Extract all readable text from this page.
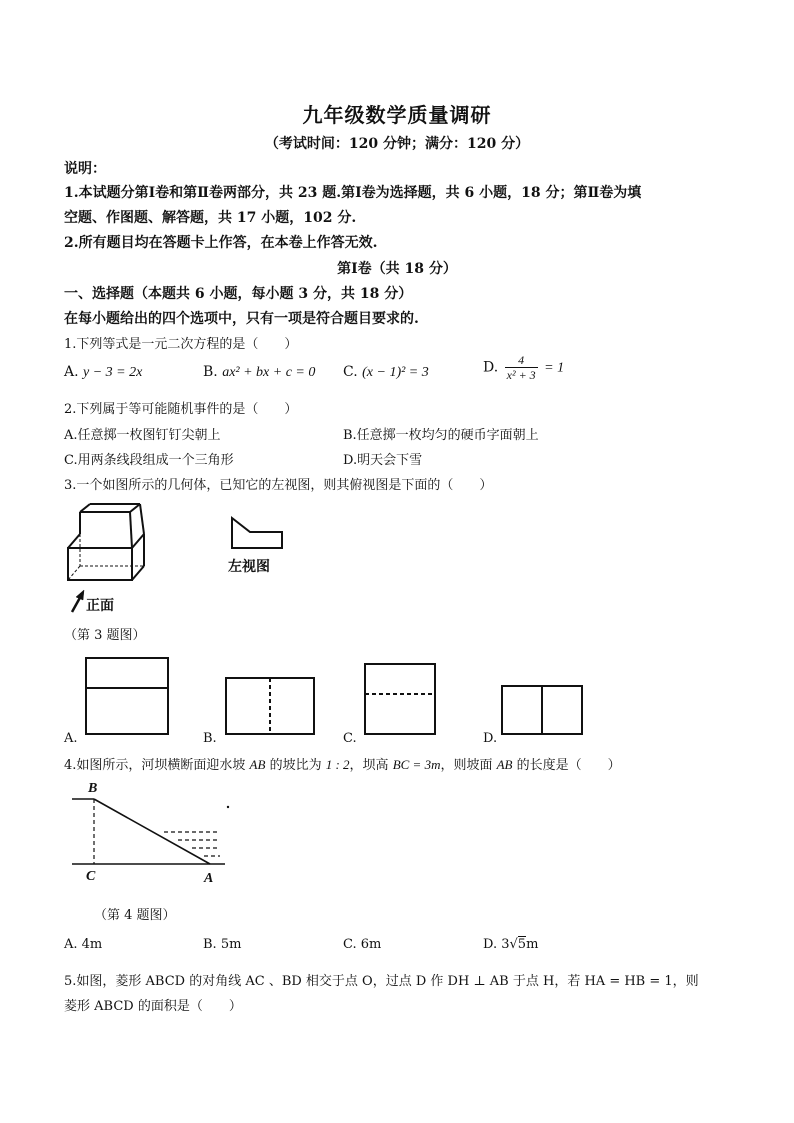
九年级数学质量调研
（考试时间：120 分钟；满分：120 分）
说明：
1.本试题分第Ⅰ卷和第Ⅱ卷两部分，共 23 题.第Ⅰ卷为选择题，共 6 小题，18 分；第Ⅱ卷为填
空题、作图题、解答题，共 17 小题，102 分.
2.所有题目均在答题卡上作答，在本卷上作答无效.
第Ⅰ卷（共 18 分）
一、选择题（本题共 6 小题，每小题 3 分，共 18 分）
在每小题给出的四个选项中，只有一项是符合题目要求的.
1.下列等式是一元二次方程的是（　　）
A. y − 3 = 2x	B. ax² + bx + c = 0 C. (x − 1)² = 3	D. $\frac{4}{\text{x² + 3}} = 1$
2.下列属于等可能随机事件的是（　　）
A.任意掷一枚图钉钉尖朝上	B.任意掷一枚均匀的硬币字面朝上
C.用两条线段组成一个三角形	D.明天会下雪
3.一个如图所示的几何体，已知它的左视图，则其俯视图是下面的（　　）
正面
左视图
（第 3 题图）
A.	B.	C.	D.
4.如图所示，河坝横断面迎水坡 AB 的坡比为 1 : 2，坝高 BC = 3m，则坡面 AB 的长度是（　　）
B
C	A
（第 4 题图）
A. 4m	B. 5m	C. 6m	D. 3√5m
5.如图，菱形 ABCD 的对角线 AC 、BD 相交于点 O，过点 D 作 DH ⊥ AB 于点 H，若 HA = HB = 1，则
菱形 ABCD 的面积是（　　）
